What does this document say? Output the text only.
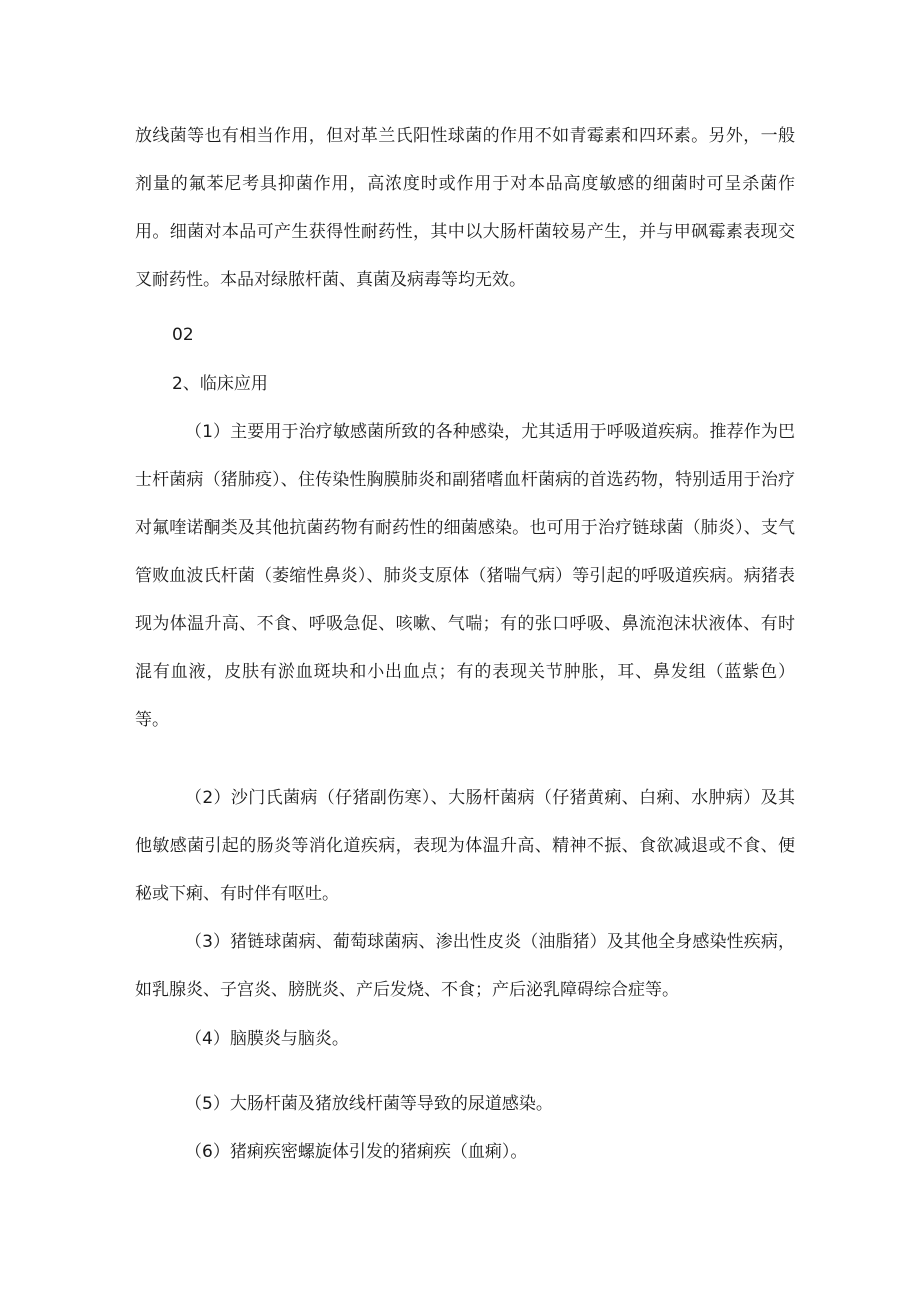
放线菌等也有相当作用，但对革兰氏阳性球菌的作用不如青霉素和四环素。另外，一般剂量的氟苯尼考具抑菌作用，高浓度时或作用于对本品高度敏感的细菌时可呈杀菌作用。细菌对本品可产生获得性耐药性，其中以大肠杆菌较易产生，并与甲砜霉素表现交叉耐药性。本品对绿脓杆菌、真菌及病毒等均无效。

02

2、临床应用

（1）主要用于治疗敏感菌所致的各种感染，尤其适用于呼吸道疾病。推荐作为巴士杆菌病（猪肺疫）、住传染性胸膜肺炎和副猪嗜血杆菌病的首选药物，特别适用于治疗对氟喹诺酮类及其他抗菌药物有耐药性的细菌感染。也可用于治疗链球菌（肺炎）、支气管败血波氏杆菌（萎缩性鼻炎）、肺炎支原体（猪喘气病）等引起的呼吸道疾病。病猪表现为体温升高、不食、呼吸急促、咳嗽、气喘；有的张口呼吸、鼻流泡沫状液体、有时混有血液，皮肤有淤血斑块和小出血点；有的表现关节肿胀，耳、鼻发组（蓝紫色）等。

（2）沙门氏菌病（仔猪副伤寒）、大肠杆菌病（仔猪黄痢、白痢、水肿病）及其他敏感菌引起的肠炎等消化道疾病，表现为体温升高、精神不振、食欲减退或不食、便秘或下痢、有时伴有呕吐。

（3）猪链球菌病、葡萄球菌病、渗出性皮炎（油脂猪）及其他全身感染性疾病，如乳腺炎、子宫炎、膀胱炎、产后发烧、不食；产后泌乳障碍综合症等。

（4）脑膜炎与脑炎。

（5）大肠杆菌及猪放线杆菌等导致的尿道感染。

（6）猪痢疾密螺旋体引发的猪痢疾（血痢）。
